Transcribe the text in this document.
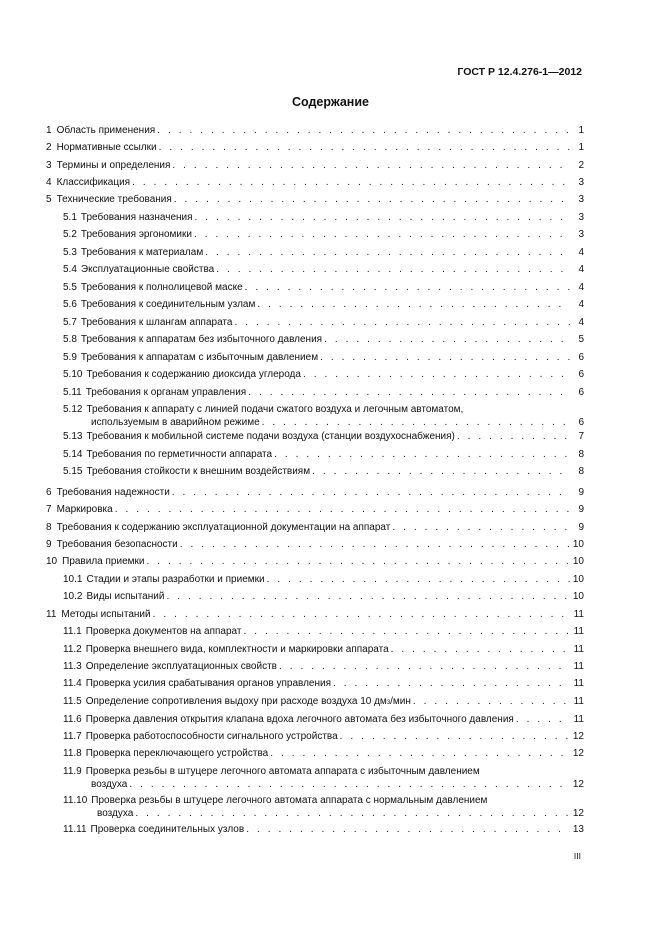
ГОСТ Р 12.4.276-1—2012
Содержание
1 Область применения . . .	1
2 Нормативные ссылки . . .	1
3 Термины и определения . . .	2
4 Классификация . . .	3
5 Технические требования . . .	3
5.1 Требования назначения . . .	3
5.2 Требования эргономики . . .	3
5.3 Требования к материалам . . .	4
5.4 Эксплуатационные свойства . . .	4
5.5 Требования к полнолицевой маске . . .	4
5.6 Требования к соединительным узлам . . .	4
5.7 Требования к шлангам аппарата . . .	4
5.8 Требования к аппаратам без избыточного давления . . .	5
5.9 Требования к аппаратам с избыточным давлением . . .	6
5.10 Требования к содержанию диоксида углерода . . .	6
5.11 Требования к органам управления . . .	6
5.12 Требования к аппарату с линией подачи сжатого воздуха и легочным автоматом,
используемым в аварийном режиме . . .	6
5.13 Требования к мобильной системе подачи воздуха (станции воздухоснабжения) . . .	7
5.14 Требования по герметичности аппарата . . .	8
5.15 Требования стойкости к внешним воздействиям . . .	8
6 Требования надежности . . .	9
7 Маркировка . . .	9
8 Требования к содержанию эксплуатационной документации на аппарат . . .	9
9 Требования безопасности . . .	10
10 Правила приемки . . .	10
10.1 Стадии и этапы разработки и приемки . . .	10
10.2 Виды испытаний . . .	10
11 Методы испытаний . . .	11
11.1 Проверка документов на аппарат . . .	11
11.2 Проверка внешнего вида, комплектности и маркировки аппарата . . .	11
11.3 Определение эксплуатационных свойств . . .	11
11.4 Проверка усилия срабатывания органов управления . . .	11
11.5 Определение сопротивления выдоху при расходе воздуха 10 дм 3 /мин . . .	11
11.6 Проверка давления открытия клапана вдоха легочного автомата без избыточного давления . . .	11
11.7 Проверка работоспособности сигнального устройства . . .	12
11.8 Проверка переключающего устройства . . .	12
11.9 Проверка резьбы в штуцере легочного автомата аппарата с избыточным давлением
воздуха . . .	12
11.10 Проверка резьбы в штуцере легочного автомата аппарата с нормальным давлением
воздуха . . .	12
11.11 Проверка соединительных узлов . . .	13
III
